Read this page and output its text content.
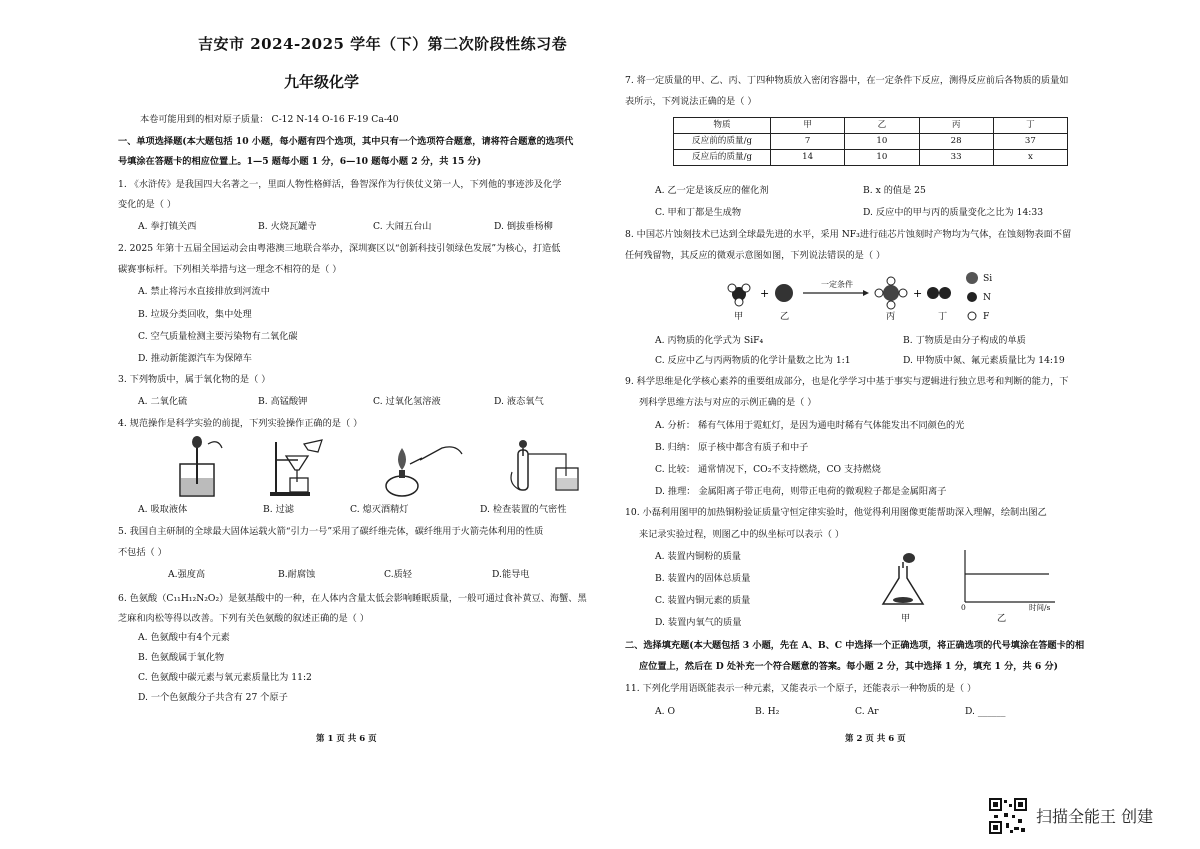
吉安市 2024-2025 学年（下）第二次阶段性练习卷
九年级化学
本卷可能用到的相对原子质量： C-12 N-14 O-16 F-19 Ca-40
一、单项选择题(本大题包括 10 小题，每小题有四个选项，其中只有一个选项符合题意，请将符合题意的选项代
号填涂在答题卡的相应位置上。1—5 题每小题 1 分，6—10 题每小题 2 分，共 15 分)
1. 《水浒传》是我国四大名著之一，里面人物性格鲜活，鲁智深作为行侠仗义第一人，下列他的事迹涉及化学
变化的是（ ）
A. 拳打镇关西	B. 火烧瓦罐寺	C. 大闹五台山	D. 倒拔垂杨柳
2. 2025 年第十五届全国运动会由粤港澳三地联合举办，深圳赛区以“创新科技引领绿色发展”为核心，打造低
碳赛事标杆。下列相关举措与这一理念不相符的是（ ）
A. 禁止将污水直接排放到河流中
B. 垃圾分类回收，集中处理
C. 空气质量检测主要污染物有二氧化碳
D. 推动新能源汽车为保障车
3. 下列物质中，属于氧化物的是（ ）
A. 二氧化硫	B. 高锰酸钾	C. 过氧化氢溶液	D. 液态氧气
4. 规范操作是科学实验的前提，下列实验操作正确的是（ ）
A. 吸取液体	B. 过滤	C. 熄灭酒精灯	D. 检查装置的气密性
5. 我国自主研制的全球最大固体运载火箭“引力一号”采用了碳纤维壳体，碳纤维用于火箭壳体利用的性质
不包括（ ）
A.强度高	B.耐腐蚀	C.质轻	D.能导电
6. 色氨酸（C₁₁H₁₂N₂O₂）是氨基酸中的一种，在人体内含量太低会影响睡眠质量，一般可通过食补黄豆、海蟹、黑
芝麻和肉松等得以改善。下列有关色氨酸的叙述正确的是（ ）
A. 色氨酸中有4个元素
B. 色氨酸属于氧化物
C. 色氨酸中碳元素与氧元素质量比为 11:2
D. 一个色氨酸分子共含有 27 个原子
第 1 页 共 6 页
7. 将一定质量的甲、乙、丙、丁四种物质放入密闭容器中，在一定条件下反应，测得反应前后各物质的质量如
表所示，下列说法正确的是（ ）
物质	甲	乙	丙	丁
反应前的质量/g	7	10	28	37
反应后的质量/g	14	10	33	x
A. 乙一定是该反应的催化剂	B. x 的值是 25
C. 甲和丁都是生成物	D. 反应中的甲与丙的质量变化之比为 14:33
8. 中国芯片蚀刻技术已达到全球最先进的水平，采用 NF₃进行硅芯片蚀刻时产物均为气体，在蚀刻物表面不留
任何残留物，其反应的微观示意图如图，下列说法错误的是（ ）
+	+
一定条件
甲	乙	丙	丁
Si
N
F
A. 丙物质的化学式为 SiF₄	B. 丁物质是由分子构成的单质
C. 反应中乙与丙两物质的化学计量数之比为 1:1	D. 甲物质中氮、氟元素质量比为 14:19
9. 科学思维是化学核心素养的重要组成部分，也是化学学习中基于事实与逻辑进行独立思考和判断的能力，下
列科学思维方法与对应的示例正确的是（ ）
A. 分析： 稀有气体用于霓虹灯，是因为通电时稀有气体能发出不同颜色的光
B. 归纳： 原子核中都含有质子和中子
C. 比较： 通常情况下，CO₂不支持燃烧，CO 支持燃烧
D. 推理： 金属阳离子带正电荷，则带正电荷的微观粒子都是金属阳离子
10. 小磊利用图甲的加热铜粉验证质量守恒定律实验时，他觉得利用图像更能帮助深入理解，绘制出图乙
来记录实验过程，则图乙中的纵坐标可以表示（ ）
A. 装置内铜粉的质量
B. 装置内的固体总质量
C. 装置内铜元素的质量
D. 装置内氧气的质量	甲
0	时间/s
乙
二、选择填充题(本大题包括 3 小题，先在 A、B、C 中选择一个正确选项，将正确选项的代号填涂在答题卡的相
应位置上，然后在 D 处补充一个符合题意的答案。每小题 2 分，其中选择 1 分，填充 1 分，共 6 分)
11. 下列化学用语既能表示一种元素，又能表示一个原子，还能表示一种物质的是（ ）
A. O	B. H₂	C. Ar	D. ______
第 2 页 共 6 页
扫描全能王 创建
